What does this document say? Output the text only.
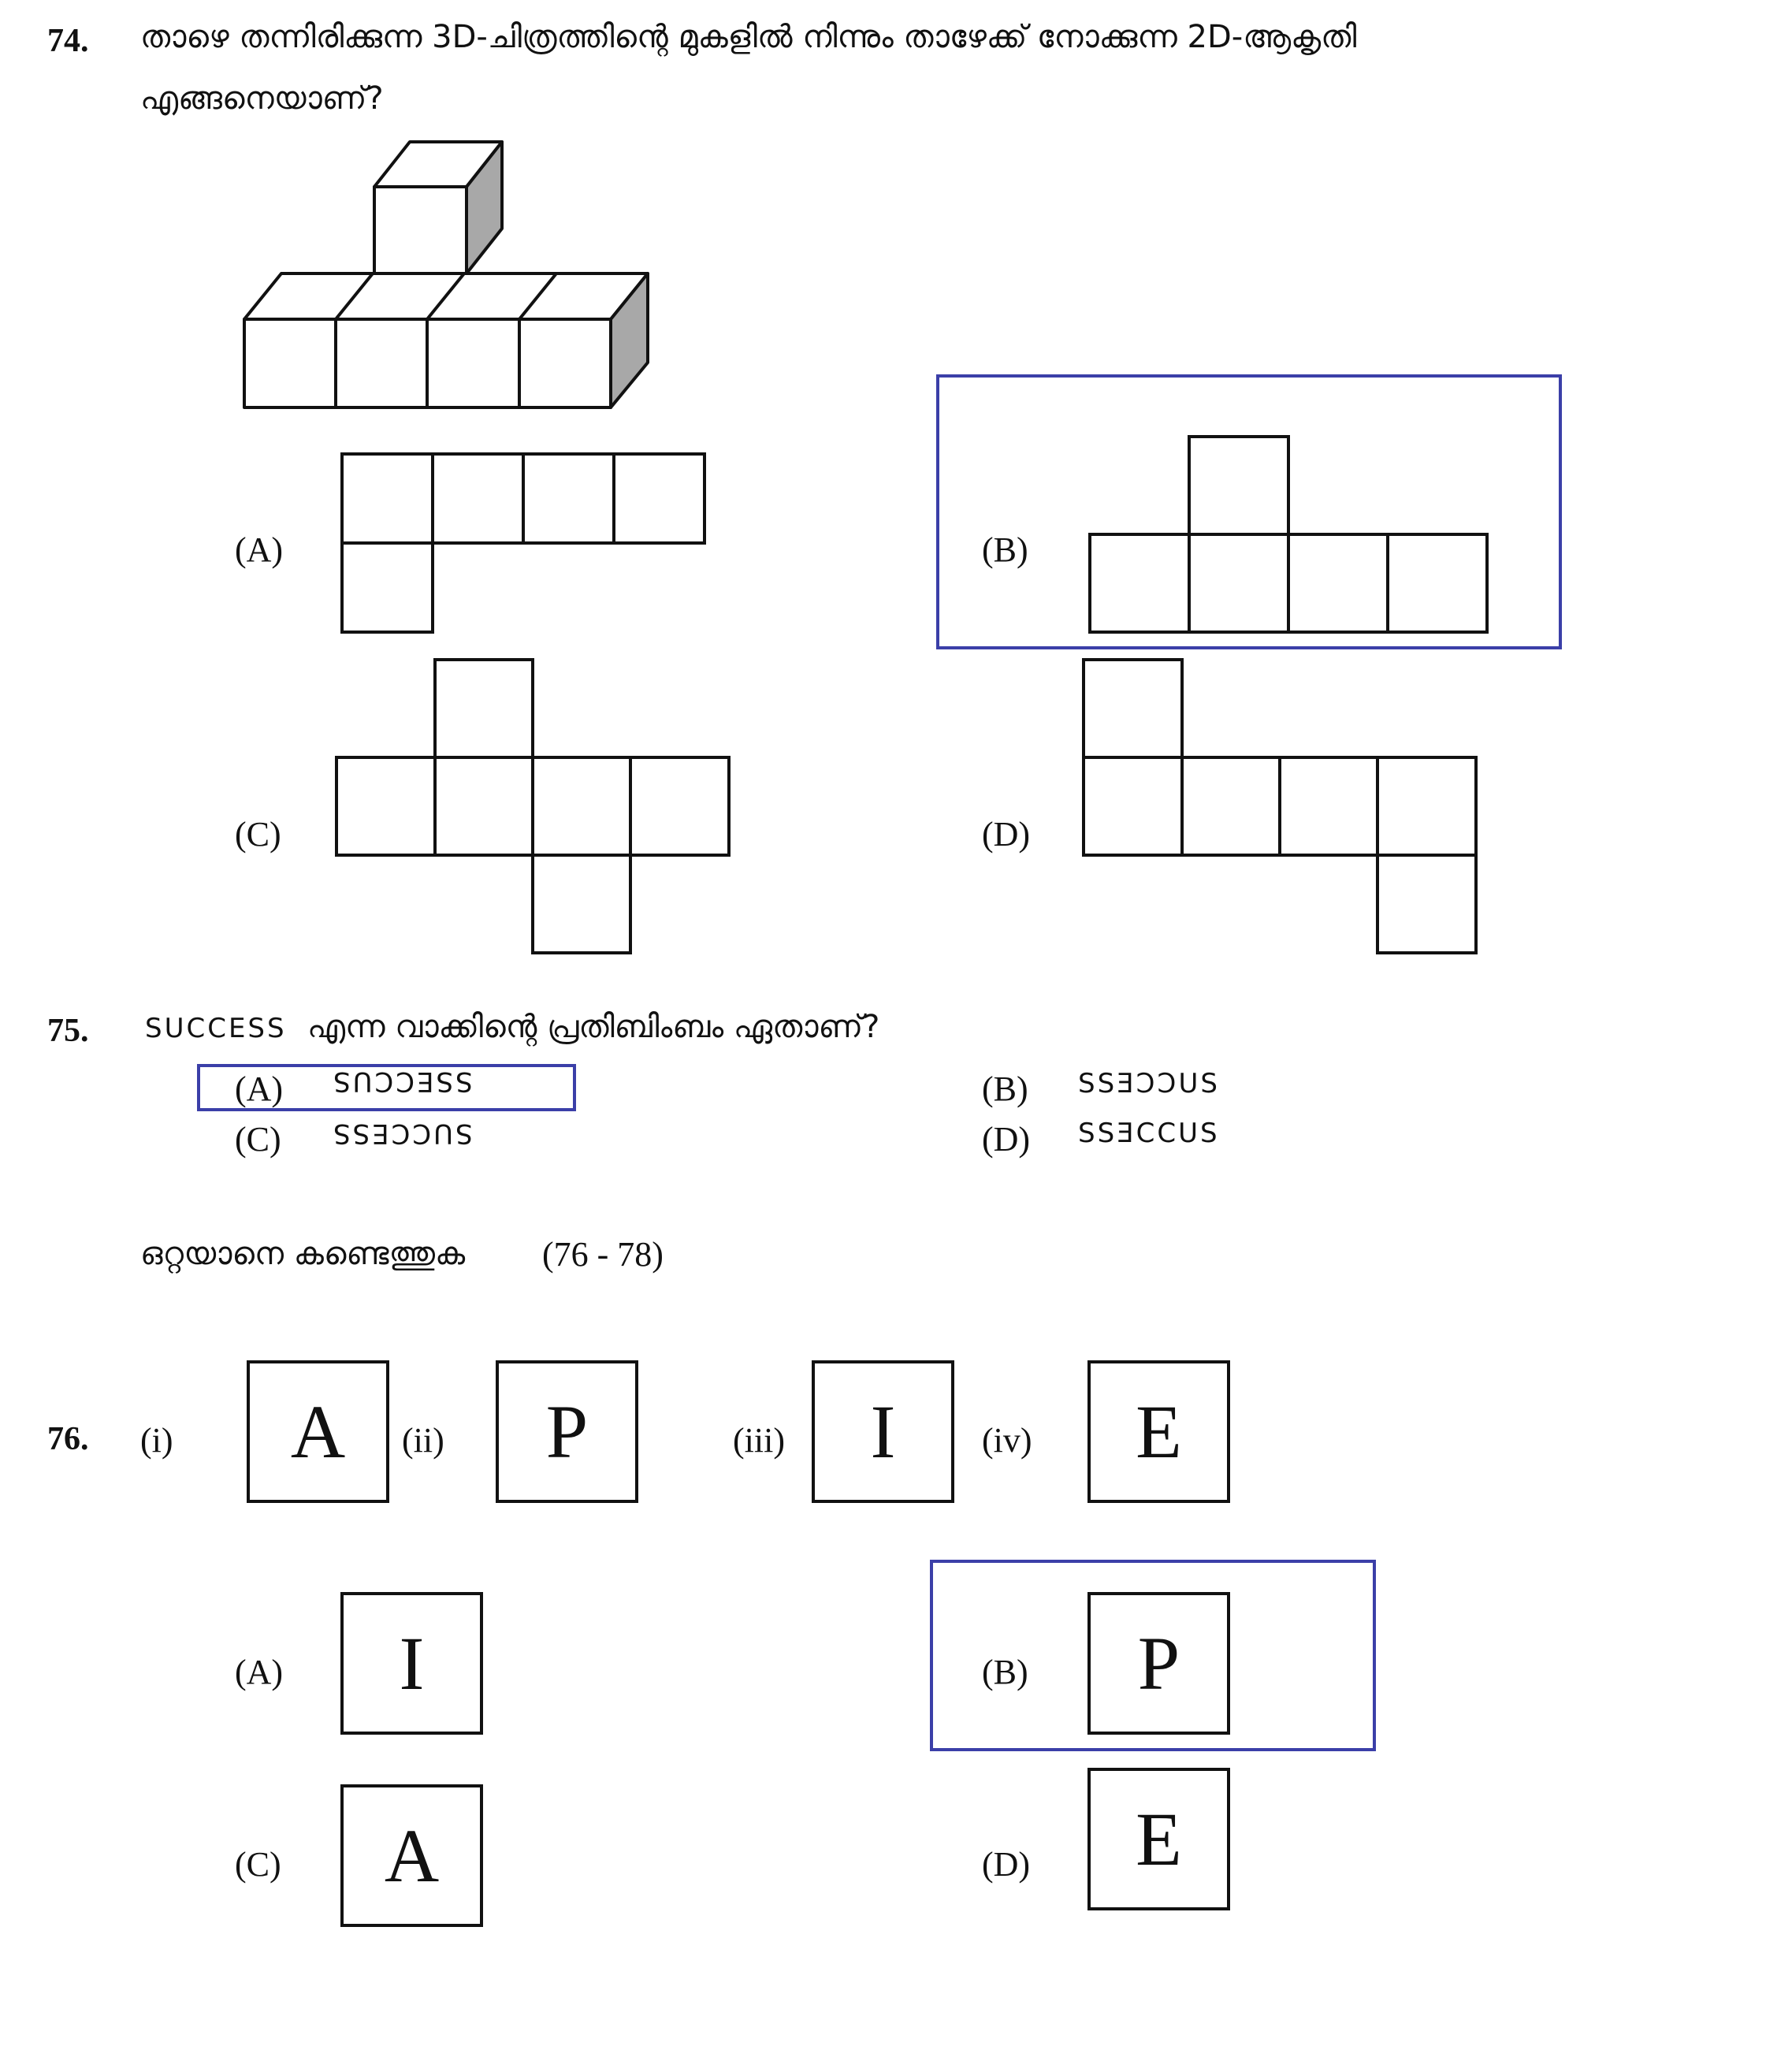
74. താഴെ തന്നിരിക്കുന്ന 3D-ചിത്രത്തിന്റെ മുകളിൽ നിന്നും താഴേക്ക് നോക്കുന്ന 2D-ആകൃതി
എങ്ങനെയാണ്?
(A)	(B)
(C)	(D)
75. SUCCESS എന്ന വാക്കിന്റെ പ്രതിബിംബം ഏതാണ്?
(A) SSECCUS	(B) SSƎƆƆUS
(C) SUCCESS	(D) SSƎCCUS
ഒറ്റയാനെ കണ്ടെത്തുക (76 - 78)
76. (i)	A	(ii)	P	(iii)	I	(iv)	E
(A)	I	(B)	P
(C)	A	(D)	E
